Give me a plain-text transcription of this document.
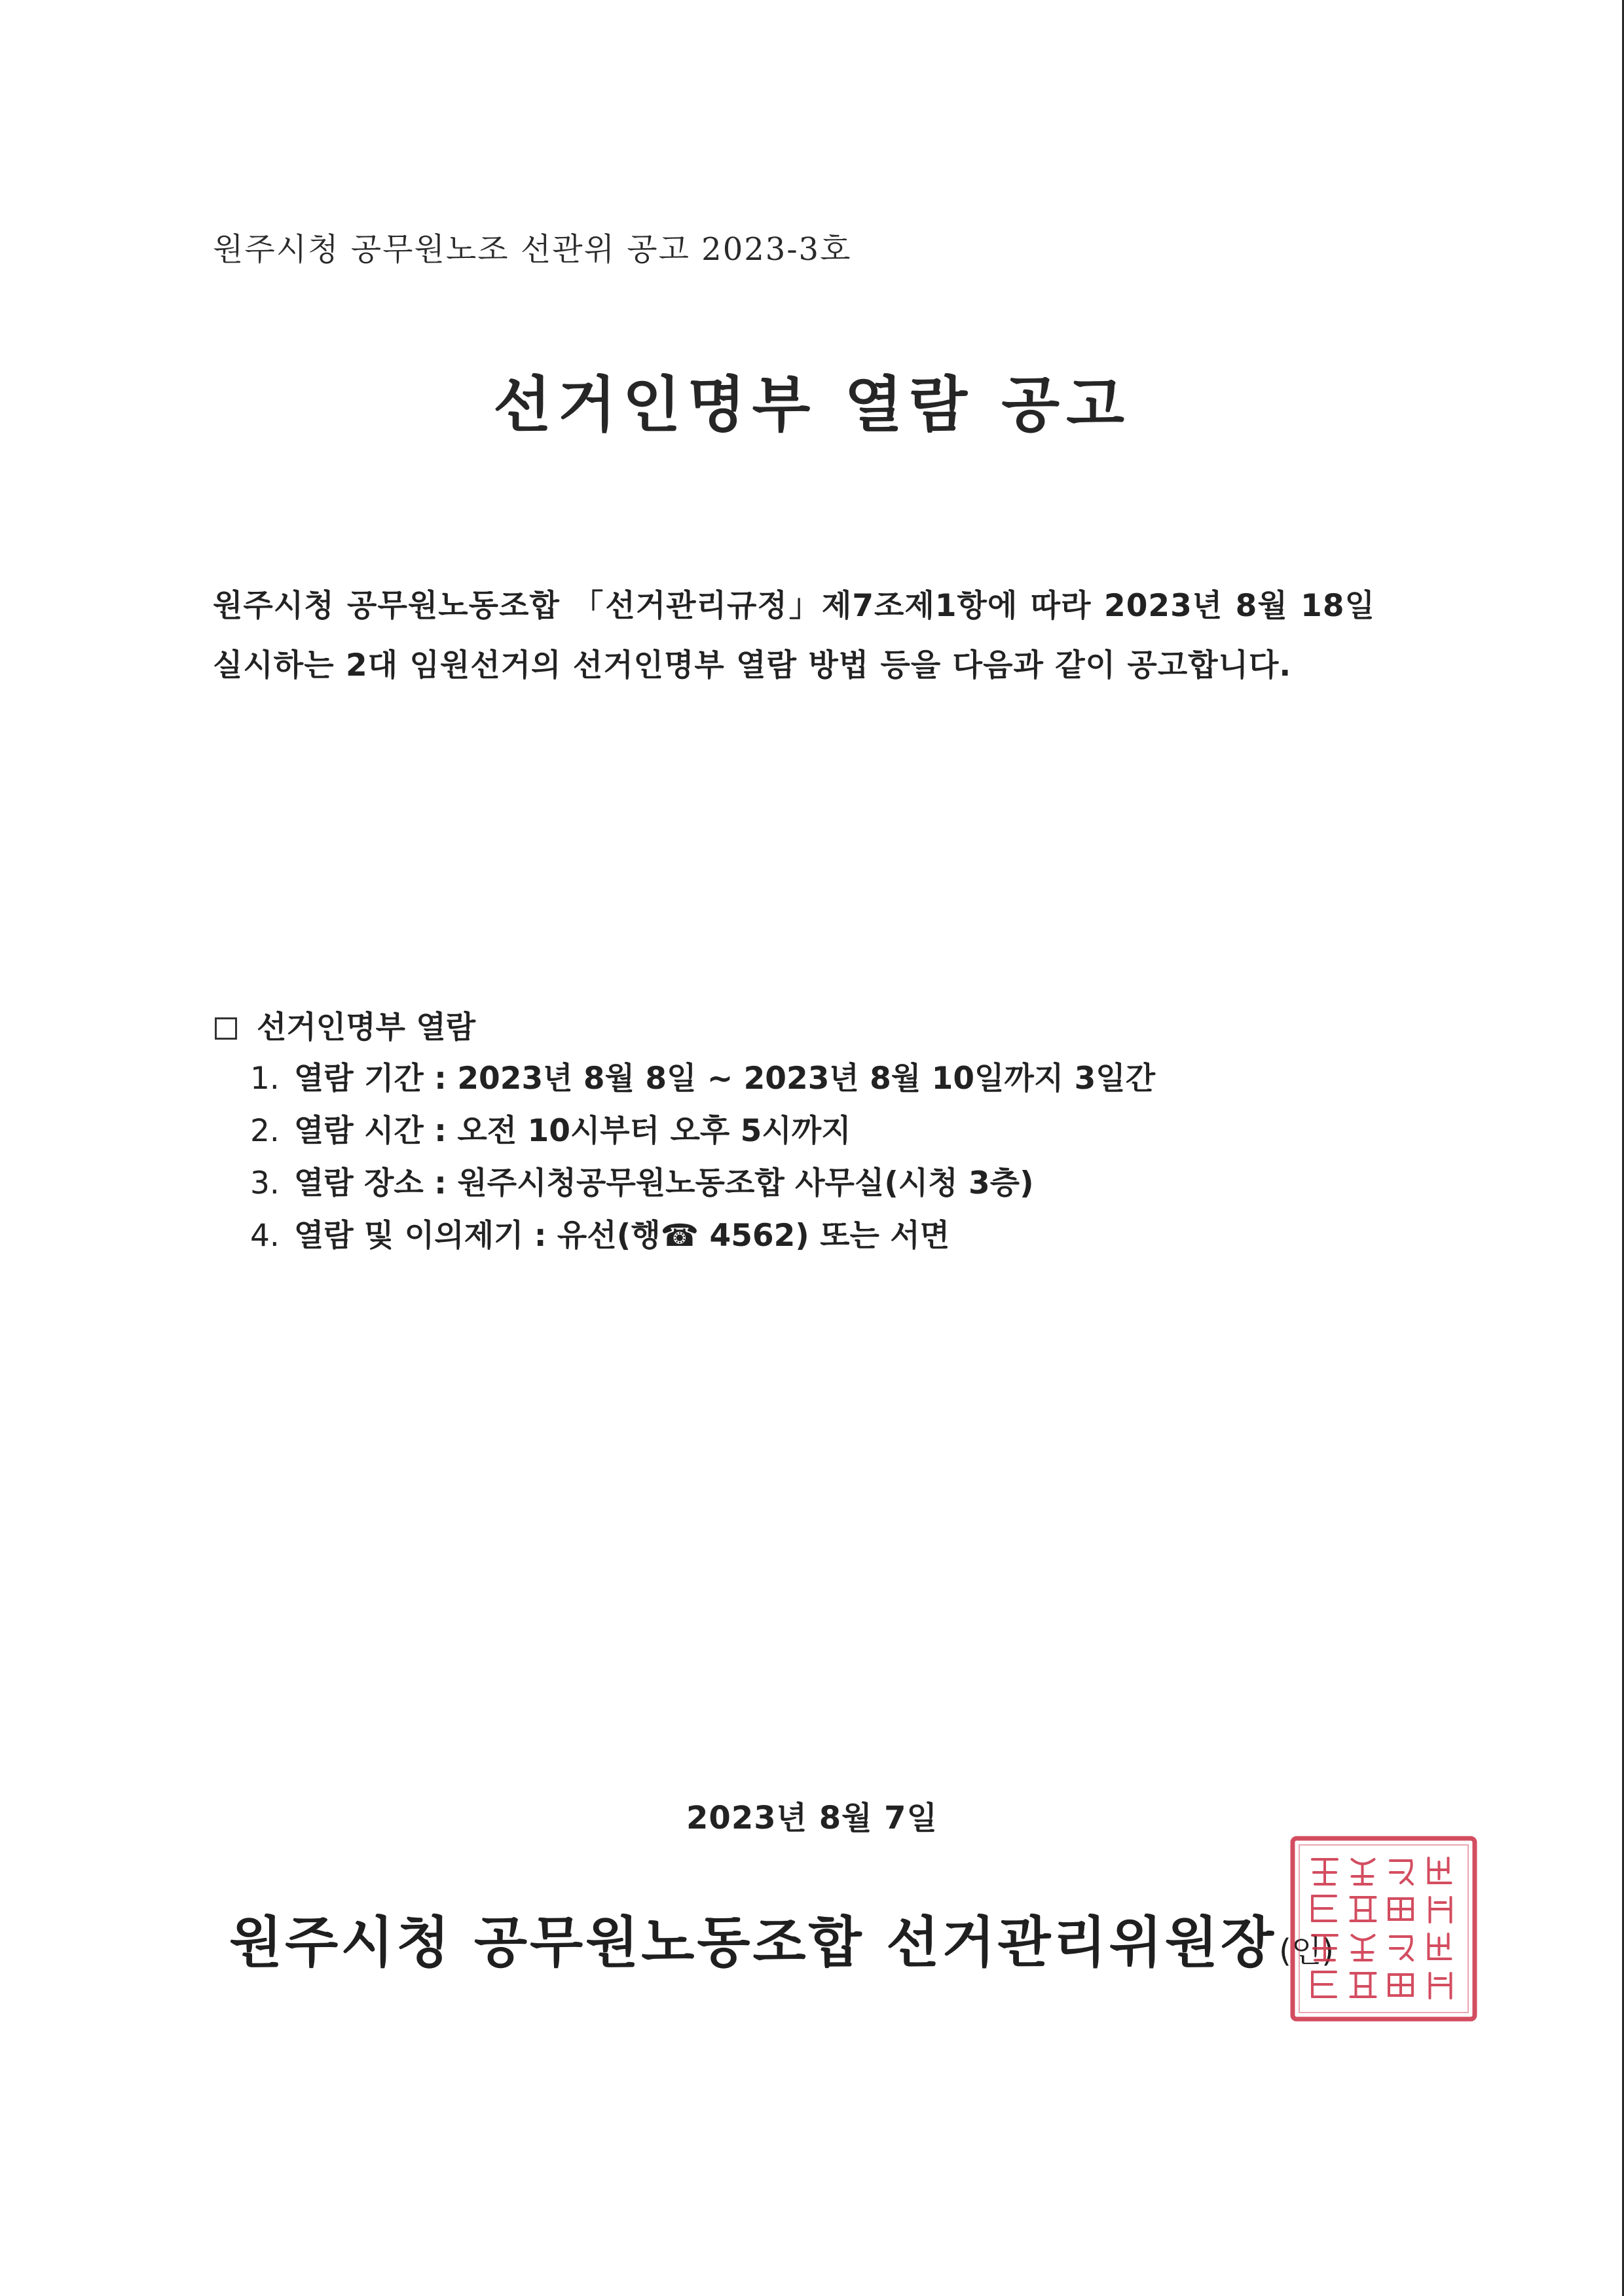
원주시청 공무원노조 선관위 공고 2023-3호
선거인명부 열람 공고
원주시청 공무원노동조합 「선거관리규정」제7조제1항에 따라 2023년 8월 18일 실시하는 2대 임원선거의 선거인명부 열람 방법 등을 다음과 같이 공고합니다.
선거인명부 열람
1. 열람 기간 : 2023년 8월 8일 ~ 2023년 8월 10일까지 3일간
2. 열람 시간 : 오전 10시부터 오후 5시까지
3. 열람 장소 : 원주시청공무원노동조합 사무실(시청 3층)
4. 열람 및 이의제기 : 유선(행☎ 4562) 또는 서면
2023년 8월 7일
원주시청 공무원노동조합 선거관리위원장(인)
